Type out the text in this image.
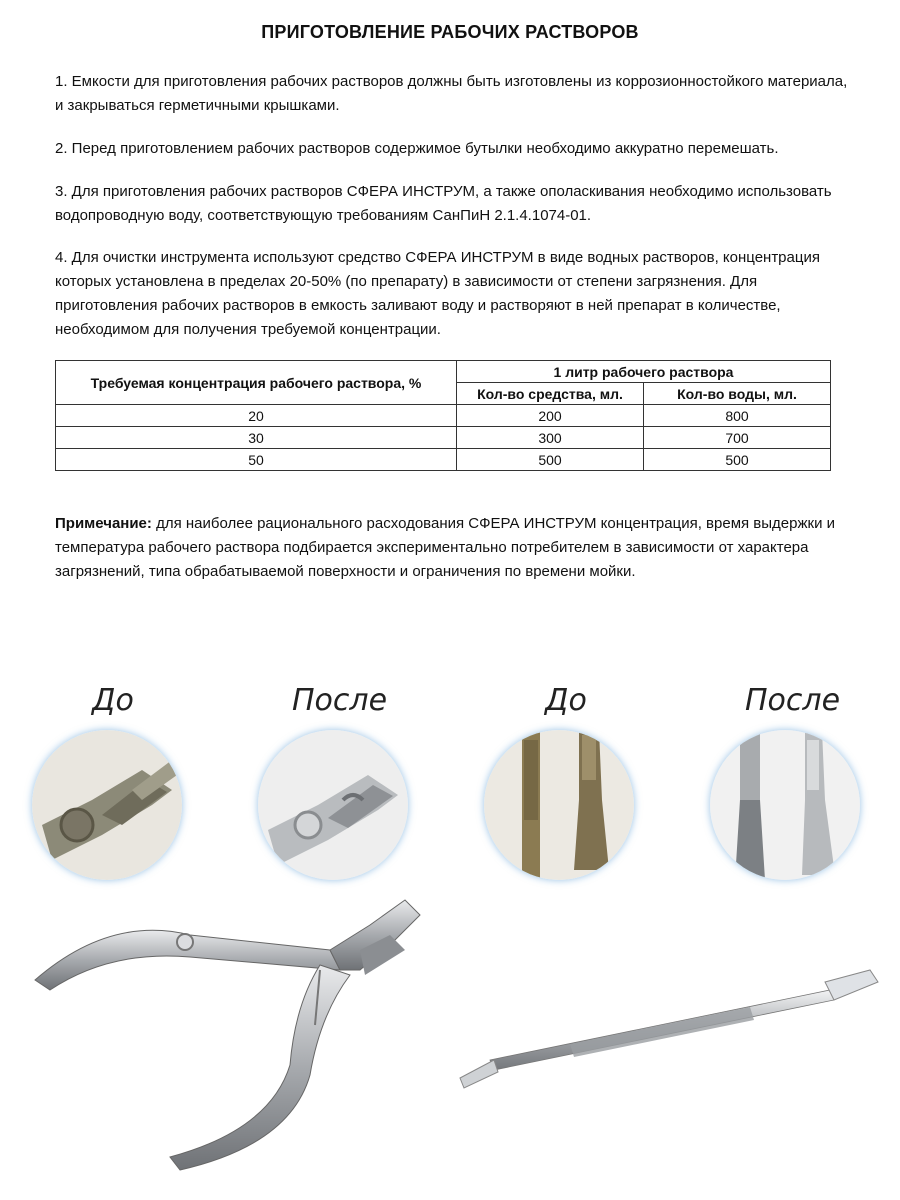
ПРИГОТОВЛЕНИЕ РАБОЧИХ РАСТВОРОВ
1. Емкости для приготовления рабочих растворов должны быть изготовлены из коррозионностойкого материала, и закрываться герметичными крышками.
2. Перед приготовлением рабочих растворов содержимое бутылки необходимо аккуратно перемешать.
3. Для приготовления рабочих растворов СФЕРА ИНСТРУМ, а также ополаскивания необходимо использовать водопроводную воду, соответствующую требованиям СанПиН 2.1.4.1074-01.
4. Для очистки инструмента используют средство СФЕРА ИНСТРУМ в виде водных растворов, концентрация которых установлена в пределах 20-50% (по препарату) в зависимости от степени загрязнения. Для приготовления рабочих растворов в емкость заливают воду и растворяют в ней препарат в количестве, необходимом для получения требуемой концентрации.
Требуемая концентрация рабочего раствора, %	1 литр рабочего раствора	
	Кол-во средства, мл.	Кол-во воды, мл.
20	200	800
30	300	700
50	500	500
Примечание: для наиболее рационального расходования СФЕРА ИНСТРУМ концентрация, время выдержки и температура рабочего раствора подбирается экспериментально потребителем в зависимости от характера загрязнений, типа обрабатываемой поверхности и ограничения по времени мойки.
До	После	До	После
